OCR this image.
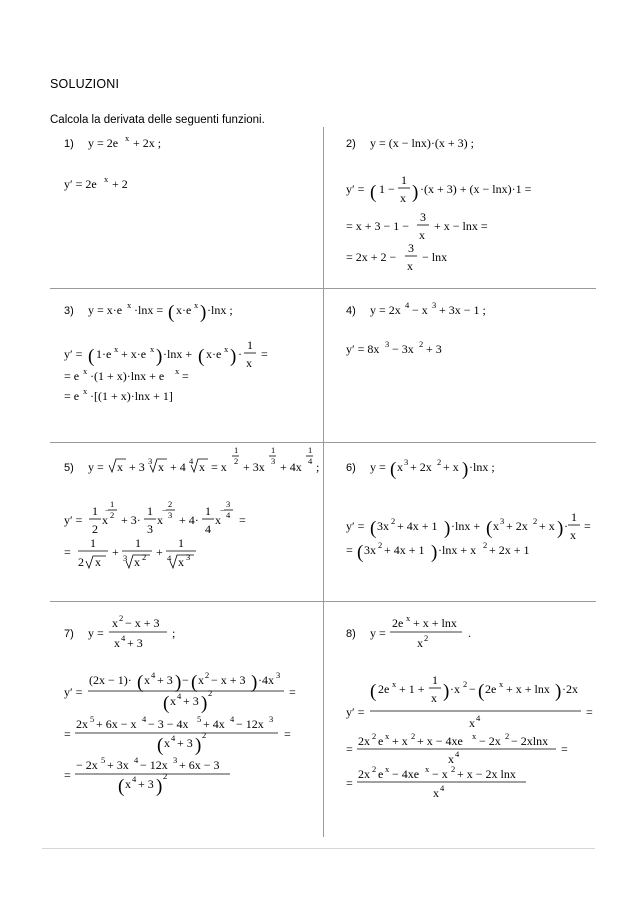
SOLUZIONI
Calcola la derivata delle seguenti funzioni.
1) y = 2e x + 2x ;
y′ = 2e x + 2
2) y = (x − lnx)·(x + 3) ;
y′ = ( 1 −
1
x ) ·(x + 3) + (x − lnx)·1 =
= x + 3 − 1 −
3
x
+ x − lnx =
= 2x + 2 −
3
x
− lnx
3) y = x·e x ·lnx = ( x·e x ) ·lnx ;
y′ = ( 1·e x + x·e x ) ·lnx + ( x·e x ) ·
1
x
=
= e x ·(1 + x)·lnx + e x =
= e x ·[(1 + x)·lnx + 1]
4) y = 2x 4 − x 3 + 3x − 1 ;
y′ = 8x 3 − 3x 2 + 3
5) y = x + 3 3 x + 4 4 x = x
1
2 + 3x
1
3 + 4x
1
4 ;
y′ =
1
2
x
1
− 2 + 3·
1
3
x
2
− 3 + 4·
1
4
x
3
− 4 =
=
1
2 x
+
1
3 x 2 +
1
4 x 3
6) y = ( x 3 + 2x 2 + x ) ·lnx ;
y′ = ( 3x 2 + 4x + 1 ) ·lnx + ( x 3 + 2x 2 + x ) ·
1
x
=
= ( 3x 2 + 4x + 1 ) ·lnx + x 2 + 2x + 1
7) y =
x 2 − x + 3
x 4 + 3
;
y′ =
(2x − 1)· ( x 4 + 3 ) − ( x 2 − x + 3 ) ·4x 3
( x 4 + 3 ) 2	=
=
2x 5 + 6x − x 4 − 3 − 4x 5 + 4x 4 − 12x 3
( x 4 + 3 ) 2	=
=
− 2x 5 + 3x 4 − 12x 3 + 6x − 3
( x 4 + 3 ) 2
8) y =
2e x + x + lnx
x 2	.
y′ =
( 2e x + 1 +
1
x ) ·x 2 − ( 2e x + x + lnx ) ·2x
x 4	=
=
2x 2 e x + x 2 + x − 4xe x − 2x 2 − 2xlnx
x 4	=
=
2x 2 e x − 4xe x − x 2 + x − 2x lnx
x 4
